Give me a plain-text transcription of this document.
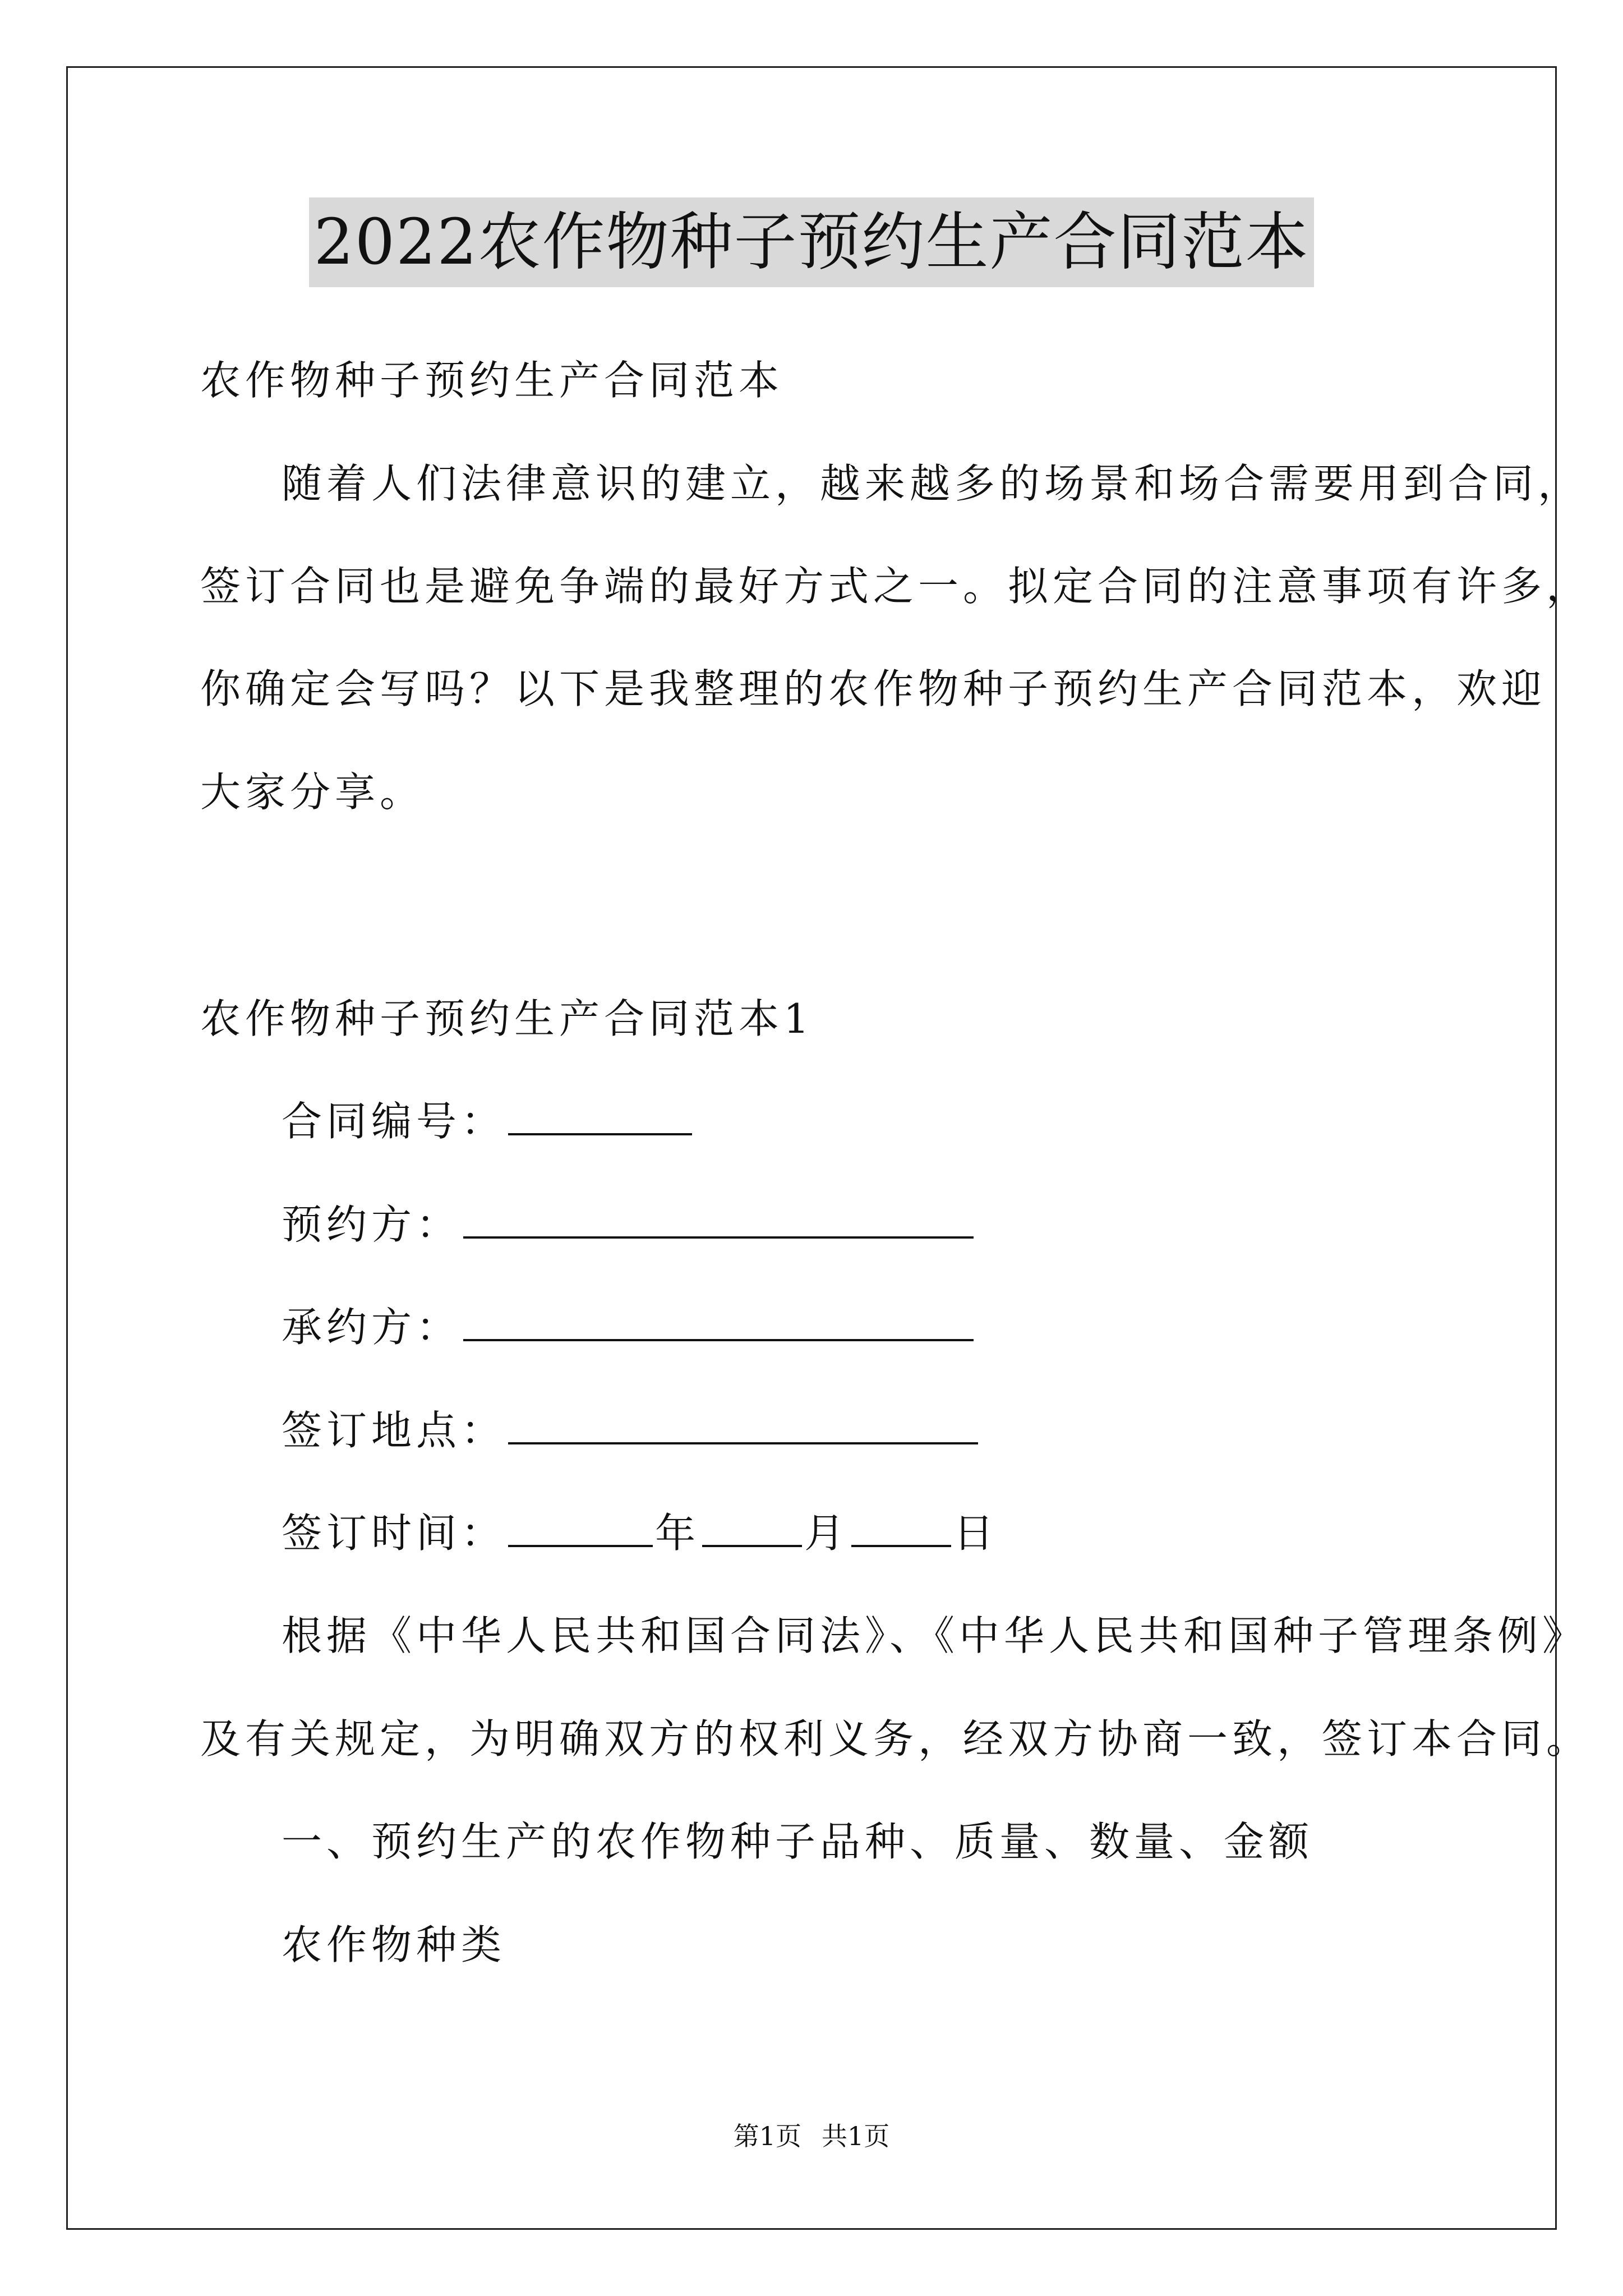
2022农作物种子预约生产合同范本
农作物种子预约生产合同范本
随着人们法律意识的建立，越来越多的场景和场合需要用到合同，
签订合同也是避免争端的最好方式之一。拟定合同的注意事项有许多，
你确定会写吗？以下是我整理的农作物种子预约生产合同范本，欢迎
大家分享。
农作物种子预约生产合同范本1
合同编号：
预约方：
承约方：
签订地点：
签订时间：	年	月	日
根据《中华人民共和国合同法》、《中华人民共和国种子管理条例》
及有关规定，为明确双方的权利义务，经双方协商一致，签订本合同。
一、预约生产的农作物种子品种、质量、数量、金额
农作物种类
第1页 共1页
